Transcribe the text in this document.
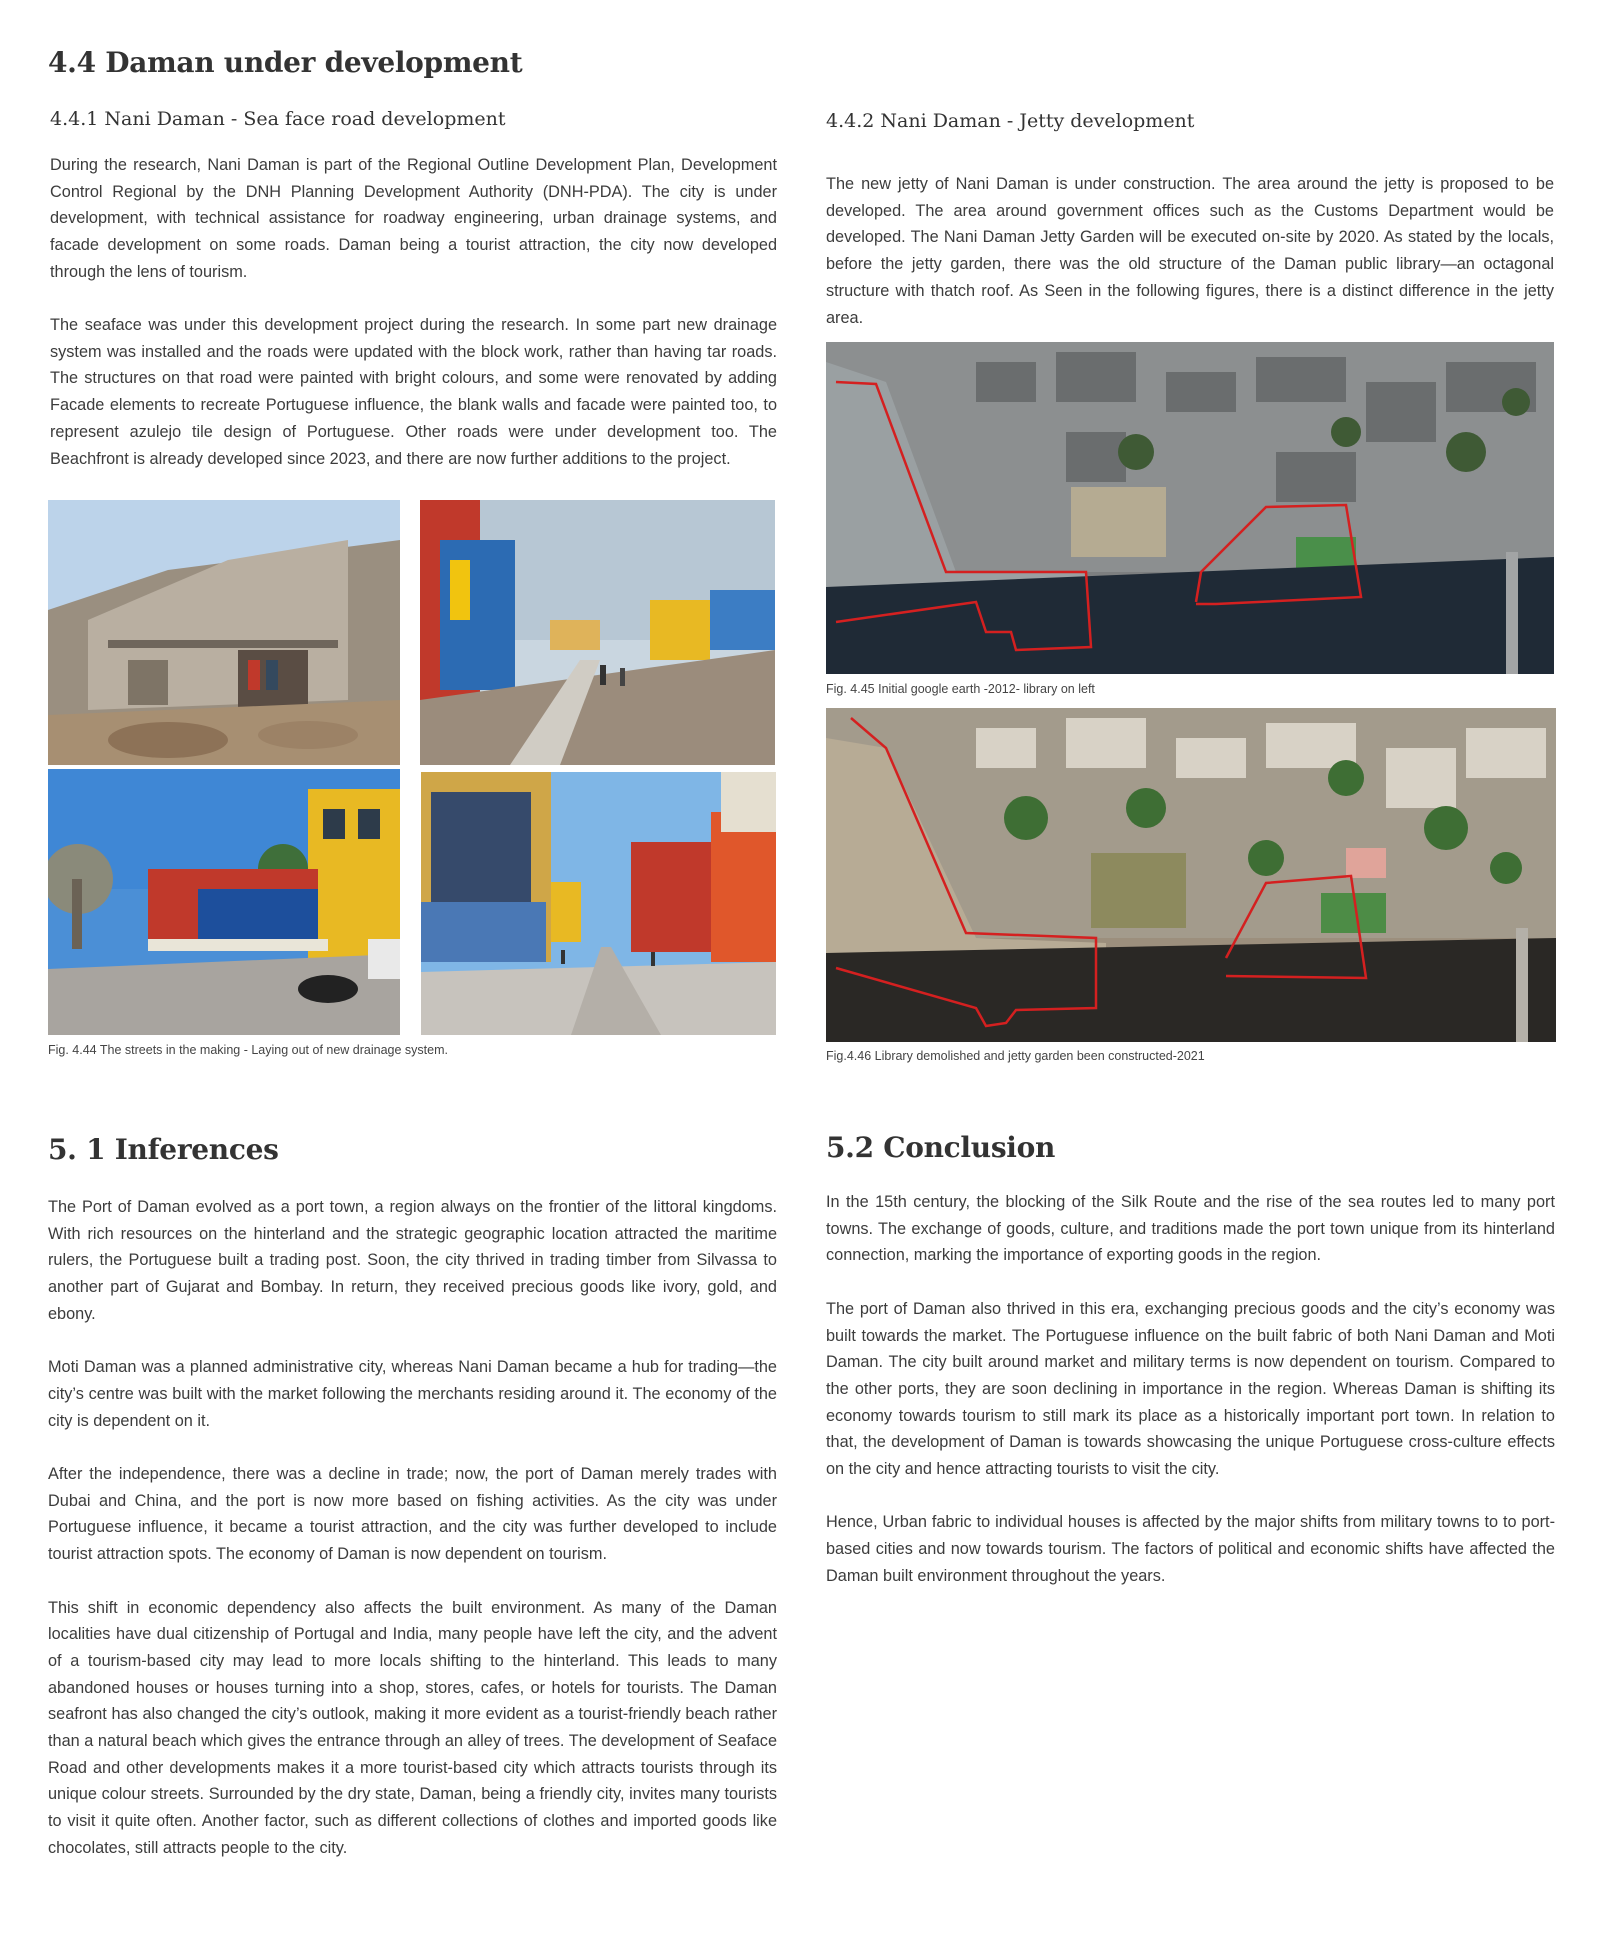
4.4 Daman under development
4.4.1 Nani Daman - Sea face road development

During the research, Nani Daman is part of the Regional Outline Development Plan, Development Control Regional by the DNH Planning Development Authority (DNH-PDA). The city is under development, with technical assistance for roadway engineering, urban drainage systems, and facade development on some roads. Daman being a tourist attraction, the city now developed through the lens of tourism.

The seaface was under this development project during the research. In some part new drainage system was installed and the roads were updated with the block work, rather than having tar roads. The structures on that road were painted with bright colours, and some were renovated by adding Facade elements to recreate Portuguese influence, the blank walls and facade were painted too, to represent azulejo tile design of Portuguese. Other roads were under development too. The Beachfront is already developed since 2023, and there are now further additions to the project.

Fig. 4.44 The streets in the making - Laying out of new drainage system.
4.4.2 Nani Daman - Jetty development

The new jetty of Nani Daman is under construction. The area around the jetty is proposed to be developed. The area around government offices such as the Customs Department would be developed. The Nani Daman Jetty Garden will be executed on-site by 2020. As stated by the locals, before the jetty garden, there was the old structure of the Daman public library—an octagonal structure with thatch roof. As Seen in the following figures, there is a distinct difference in the jetty area.

Fig. 4.45 Initial google earth -2012- library on left
Fig.4.46 Library demolished and jetty garden been constructed-2021
5. 1 Inferences

The Port of Daman evolved as a port town, a region always on the frontier of the littoral kingdoms. With rich resources on the hinterland and the strategic geographic location attracted the maritime rulers, the Portuguese built a trading post. Soon, the city thrived in trading timber from Silvassa to another part of Gujarat and Bombay. In return, they received precious goods like ivory, gold, and ebony.

Moti Daman was a planned administrative city, whereas Nani Daman became a hub for trading—the city’s centre was built with the market following the merchants residing around it. The economy of the city is dependent on it.

After the independence, there was a decline in trade; now, the port of Daman merely trades with Dubai and China, and the port is now more based on fishing activities. As the city was under Portuguese influence, it became a tourist attraction, and the city was further developed to include tourist attraction spots. The economy of Daman is now dependent on tourism.

This shift in economic dependency also affects the built environment. As many of the Daman localities have dual citizenship of Portugal and India, many people have left the city, and the advent of a tourism-based city may lead to more locals shifting to the hinterland. This leads to many abandoned houses or houses turning into a shop, stores, cafes, or hotels for tourists. The Daman seafront has also changed the city’s outlook, making it more evident as a tourist-friendly beach rather than a natural beach which gives the entrance through an alley of trees. The development of Seaface Road and other developments makes it a more tourist-based city which attracts tourists through its unique colour streets. Surrounded by the dry state, Daman, being a friendly city, invites many tourists to visit it quite often. Another factor, such as different collections of clothes and imported goods like chocolates, still attracts people to the city.

5.2 Conclusion

In the 15th century, the blocking of the Silk Route and the rise of the sea routes led to many port towns. The exchange of goods, culture, and traditions made the port town unique from its hinterland connection, marking the importance of exporting goods in the region.

The port of Daman also thrived in this era, exchanging precious goods and the city’s economy was built towards the market. The Portuguese influence on the built fabric of both Nani Daman and Moti Daman. The city built around market and military terms is now dependent on tourism. Compared to the other ports, they are soon declining in importance in the region. Whereas Daman is shifting its economy towards tourism to still mark its place as a historically important port town. In relation to that, the development of Daman is towards showcasing the unique Portuguese cross-culture effects on the city and hence attracting tourists to visit the city.

Hence, Urban fabric to individual houses is affected by the major shifts from military towns to to port-based cities and now towards tourism. The factors of political and economic shifts have affected the Daman built environment throughout the years.
